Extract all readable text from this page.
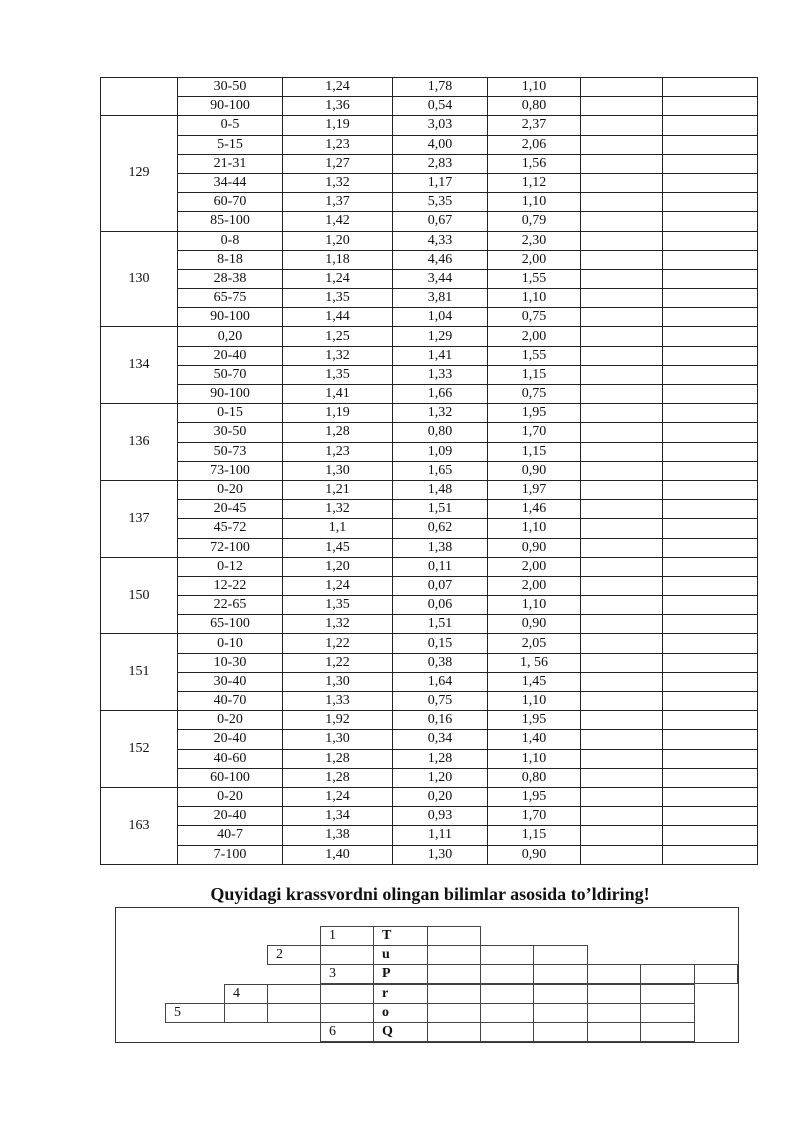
	30-50	1,24	1,78	1,10		
	90-100	1,36	0,54	0,80		
129	0-5	1,19	3,03	2,37		
	5-15	1,23	4,00	2,06		
	21-31	1,27	2,83	1,56		
	34-44	1,32	1,17	1,12		
	60-70	1,37	5,35	1,10		
	85-100	1,42	0,67	0,79		
130	0-8	1,20	4,33	2,30		
	8-18	1,18	4,46	2,00		
	28-38	1,24	3,44	1,55		
	65-75	1,35	3,81	1,10		
	90-100	1,44	1,04	0,75		
134	0,20	1,25	1,29	2,00		
	20-40	1,32	1,41	1,55		
	50-70	1,35	1,33	1,15		
	90-100	1,41	1,66	0,75		
136	0-15	1,19	1,32	1,95		
	30-50	1,28	0,80	1,70		
	50-73	1,23	1,09	1,15		
	73-100	1,30	1,65	0,90		
137	0-20	1,21	1,48	1,97		
	20-45	1,32	1,51	1,46		
	45-72	1,1	0,62	1,10		
	72-100	1,45	1,38	0,90		
150	0-12	1,20	0,11	2,00		
	12-22	1,24	0,07	2,00		
	22-65	1,35	0,06	1,10		
	65-100	1,32	1,51	0,90		
151	0-10	1,22	0,15	2,05		
	10-30	1,22	0,38	1, 56		
	30-40	1,30	1,64	1,45		
	40-70	1,33	0,75	1,10		
152	0-20	1,92	0,16	1,95		
	20-40	1,30	0,34	1,40		
	40-60	1,28	1,28	1,10		
	60-100	1,28	1,20	0,80		
163	0-20	1,24	0,20	1,95		
	20-40	1,34	0,93	1,70		
	40-7	1,38	1,11	1,15		
	7-100	1,40	1,30	0,90		
Quyidagi krassvordni olingan bilimlar asosida to’ldiring!
1	T
2	u
3	P
4	r
5	o
6	Q
